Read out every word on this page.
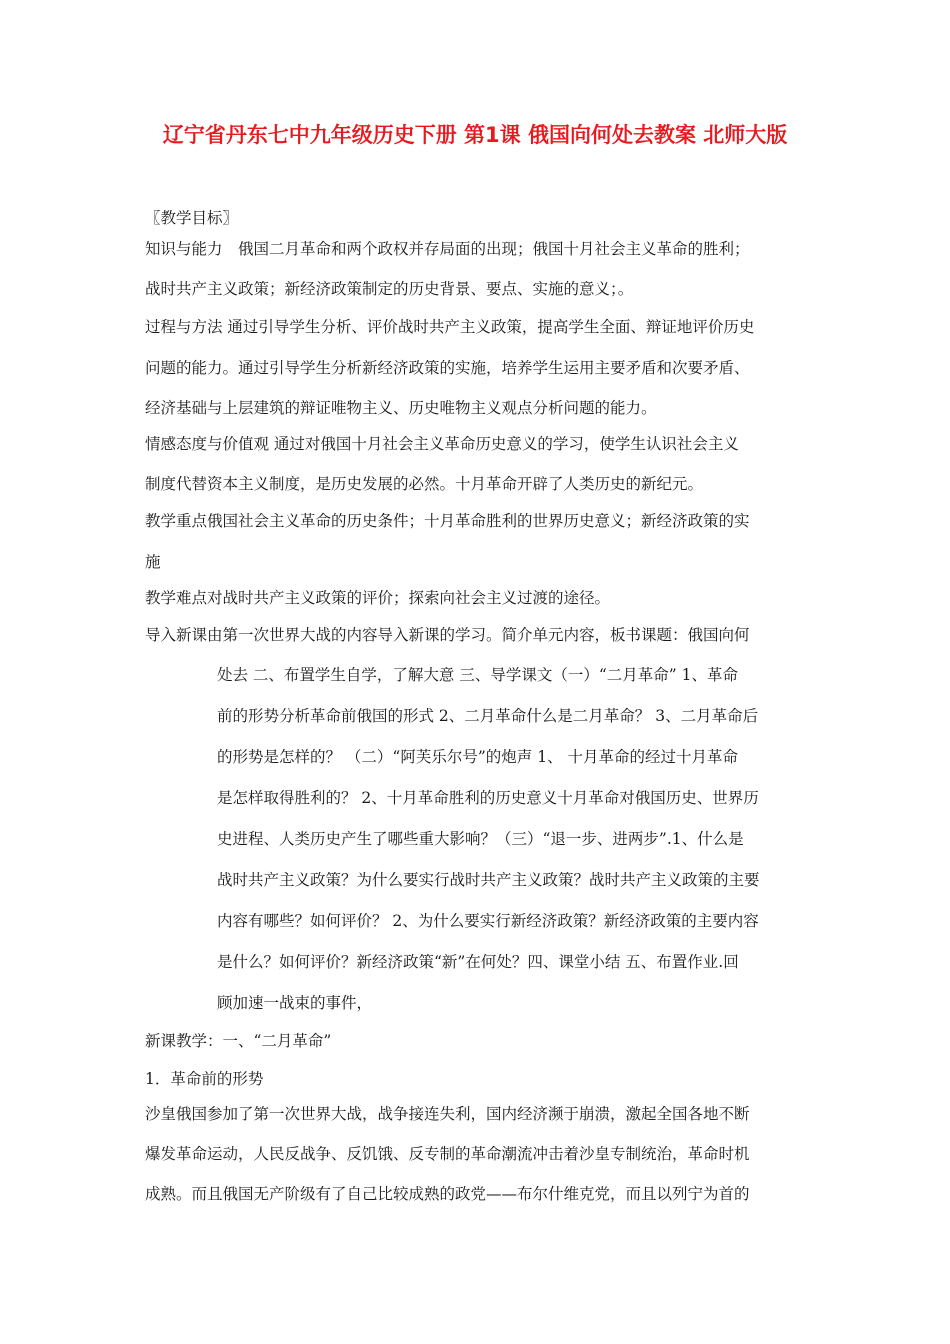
辽宁省丹东七中九年级历史下册 第1课 俄国向何处去教案 北师大版

〖教学目标〗

知识与能力　俄国二月革命和两个政权并存局面的出现；俄国十月社会主义革命的胜利；

战时共产主义政策；新经济政策制定的历史背景、要点、实施的意义；。

过程与方法 通过引导学生分析、评价战时共产主义政策，提高学生全面、辩证地评价历史

问题的能力。通过引导学生分析新经济政策的实施，培养学生运用主要矛盾和次要矛盾、

经济基础与上层建筑的辩证唯物主义、历史唯物主义观点分析问题的能力。

情感态度与价值观 通过对俄国十月社会主义革命历史意义的学习，使学生认识社会主义

制度代替资本主义制度，是历史发展的必然。十月革命开辟了人类历史的新纪元。

教学重点俄国社会主义革命的历史条件；十月革命胜利的世界历史意义；新经济政策的实

施

教学难点对战时共产主义政策的评价；探索向社会主义过渡的途径。

导入新课由第一次世界大战的内容导入新课的学习。简介单元内容，板书课题：俄国向何

处去 二、布置学生自学，了解大意 三、导学课文（一）“二月革命” 1、革命

前的形势分析革命前俄国的形式 2、二月革命什么是二月革命？ 3、二月革命后

的形势是怎样的？ （二）“阿芙乐尔号”的炮声 1、 十月革命的经过十月革命

是怎样取得胜利的？ 2、十月革命胜利的历史意义十月革命对俄国历史、世界历

史进程、人类历史产生了哪些重大影响？（三）“退一步、进两步”.1、什么是

战时共产主义政策？为什么要实行战时共产主义政策？战时共产主义政策的主要

内容有哪些？如何评价？ 2、为什么要实行新经济政策？新经济政策的主要内容

是什么？如何评价？新经济政策“新”在何处？四、课堂小结 五、布置作业.回

顾加速一战束的事件，

新课教学：一、“二月革命”

1．革命前的形势

沙皇俄国参加了第一次世界大战，战争接连失利，国内经济濒于崩溃，激起全国各地不断

爆发革命运动，人民反战争、反饥饿、反专制的革命潮流冲击着沙皇专制统治，革命时机

成熟。而且俄国无产阶级有了自己比较成熟的政党——布尔什维克党，而且以列宁为首的
